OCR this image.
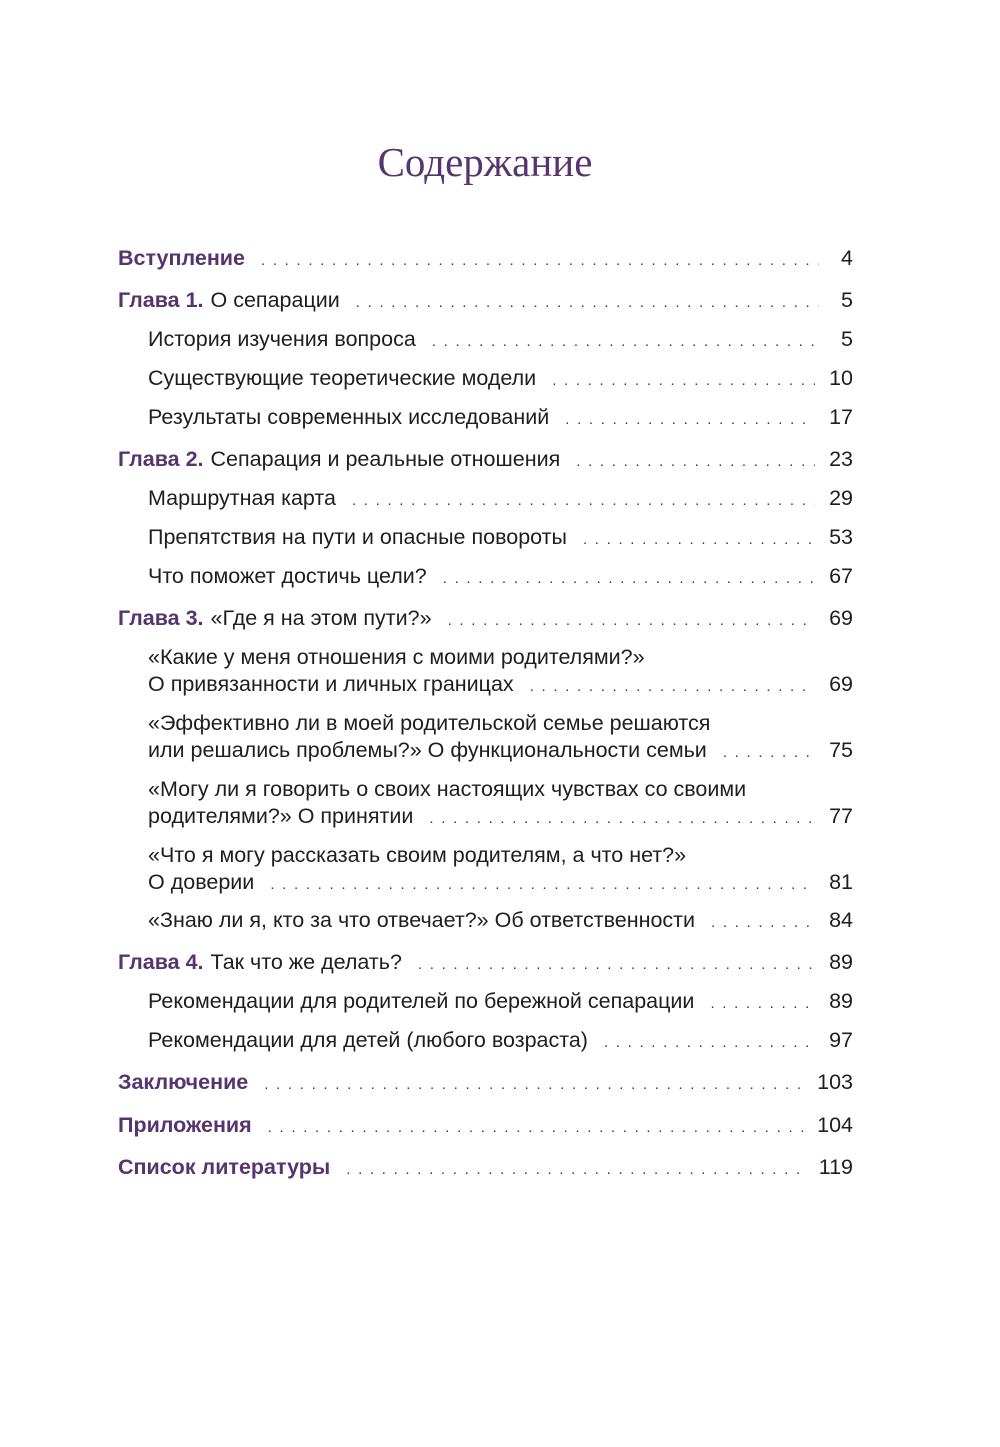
Содержание
Вступление . . .	4
Глава 1. О сепарации . . .	5
История изучения вопроса . . .	5
Существующие теоретические модели . . .	10
Результаты современных исследований . . .	17
Глава 2. Сепарация и реальные отношения . . .	23
Маршрутная карта . . .	29
Препятствия на пути и опасные повороты . . .	53
Что поможет достичь цели? . . .	67
Глава 3. «Где я на этом пути?» . . .	69
«Какие у меня отношения с моими родителями?»
О привязанности и личных границах . . .	69
«Эффективно ли в моей родительской семье решаются
или решались проблемы?» О функциональности семьи . . .	75
«Могу ли я говорить о своих настоящих чувствах со своими
родителями?» О принятии . . .	77
«Что я могу рассказать своим родителям, а что нет?»
О доверии . . .	81
«Знаю ли я, кто за что отвечает?» Об ответственности . . .	84
Глава 4. Так что же делать? . . .	89
Рекомендации для родителей по бережной сепарации . . .	89
Рекомендации для детей (любого возраста) . . .	97
Заключение . . .	103
Приложения . . .	104
Список литературы . . .	119
